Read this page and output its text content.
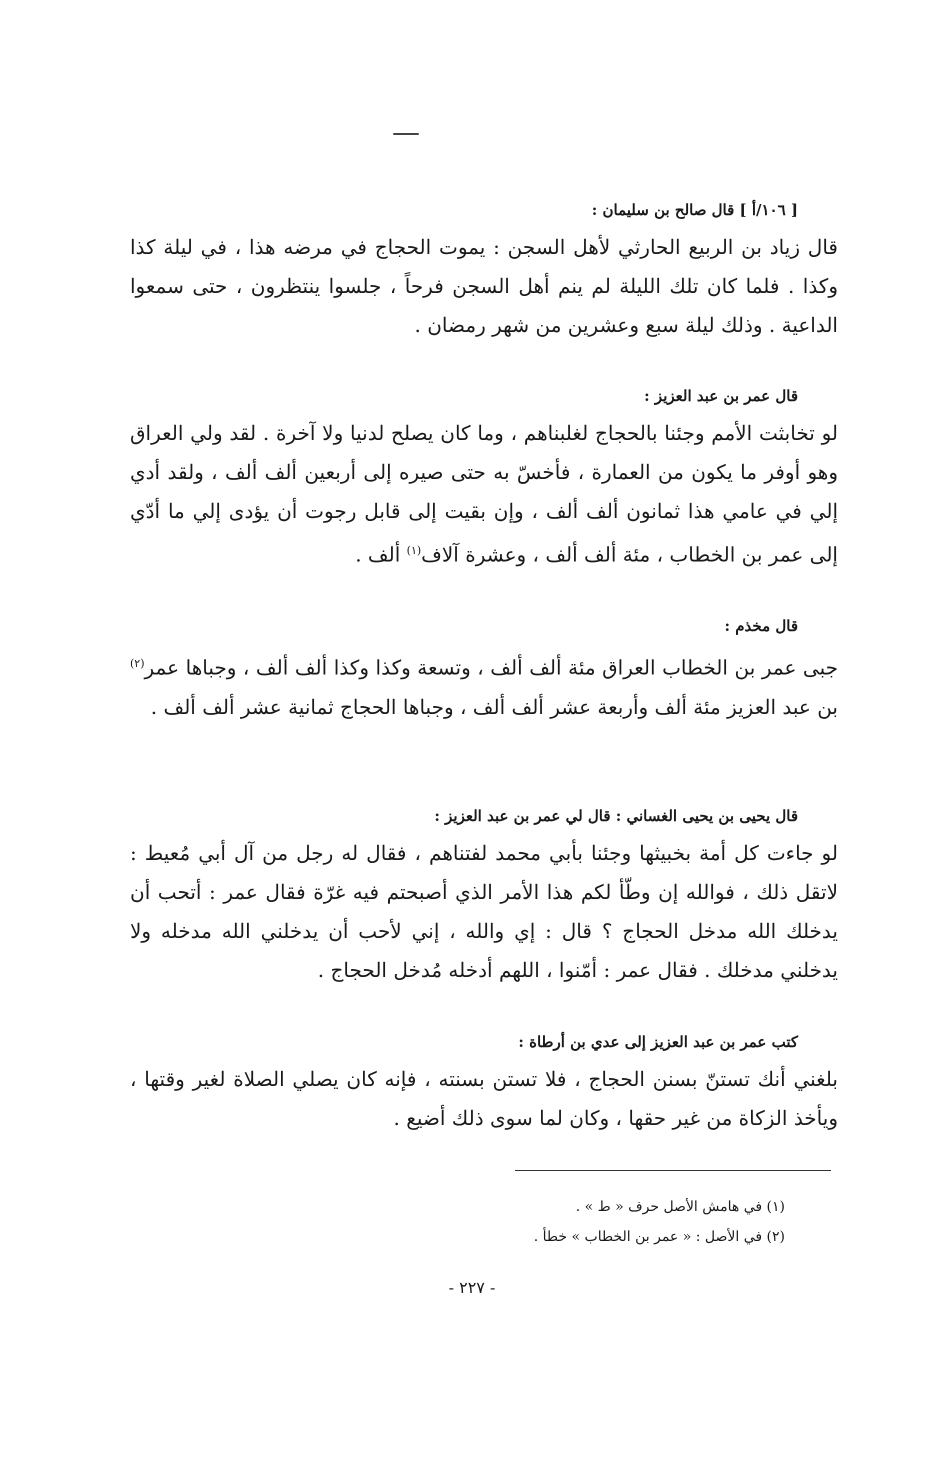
[ ١٠٦/أ ] قال صالح بن سليمان :

قال زياد بن الربيع الحارثي لأهل السجن : يموت الحجاج في مرضه هذا ، في ليلة كذا وكذا . فلما كان تلك الليلة لم ينم أهل السجن فرحاً ، جلسوا ينتظرون ، حتى سمعوا الداعية . وذلك ليلة سبع وعشرين من شهر رمضان .

قال عمر بن عبد العزيز :

لو تخابثت الأمم وجئنا بالحجاج لغلبناهم ، وما كان يصلح لدنيا ولا آخرة . لقد ولي العراق وهو أوفر ما يكون من العمارة ، فأخسّ به حتى صيره إلى أربعين ألف ألف ، ولقد أدي إلي في عامي هذا ثمانون ألف ألف ، وإن بقيت إلى قابل رجوت أن يؤدى إلي ما أدّي إلى عمر بن الخطاب ، مئة ألف ألف ، وعشرة آلاف$^{(١)}$ ألف .

قال مخذم :

جبى عمر بن الخطاب العراق مئة ألف ألف ، وتسعة وكذا وكذا ألف ألف ، وجباها عمر$^{(٢)}$ بن عبد العزيز مئة ألف وأربعة عشر ألف ألف ، وجباها الحجاج ثمانية عشر ألف ألف .

قال يحيى بن يحيى الغساني : قال لي عمر بن عبد العزيز :

لو جاءت كل أمة بخبيثها وجئنا بأبي محمد لفتناهم ، فقال له رجل من آل أبي مُعيط : لاتقل ذلك ، فوالله إن وطّأ لكم هذا الأمر الذي أصبحتم فيه غرّة فقال عمر : أتحب أن يدخلك الله مدخل الحجاج ؟ قال : إي والله ، إني لأحب أن يدخلني الله مدخله ولا يدخلني مدخلك . فقال عمر : أمّنوا ، اللهم أدخله مُدخل الحجاج .

كتب عمر بن عبد العزيز إلى عدي بن أرطاة :

بلغني أنك تستنّ بسنن الحجاج ، فلا تستن بسنته ، فإنه كان يصلي الصلاة لغير وقتها ، ويأخذ الزكاة من غير حقها ، وكان لما سوى ذلك أضيع .

(١) في هامش الأصل حرف « ط » .

(٢) في الأصل : « عمر بن الخطاب » خطأ .

- ٢٢٧ -
